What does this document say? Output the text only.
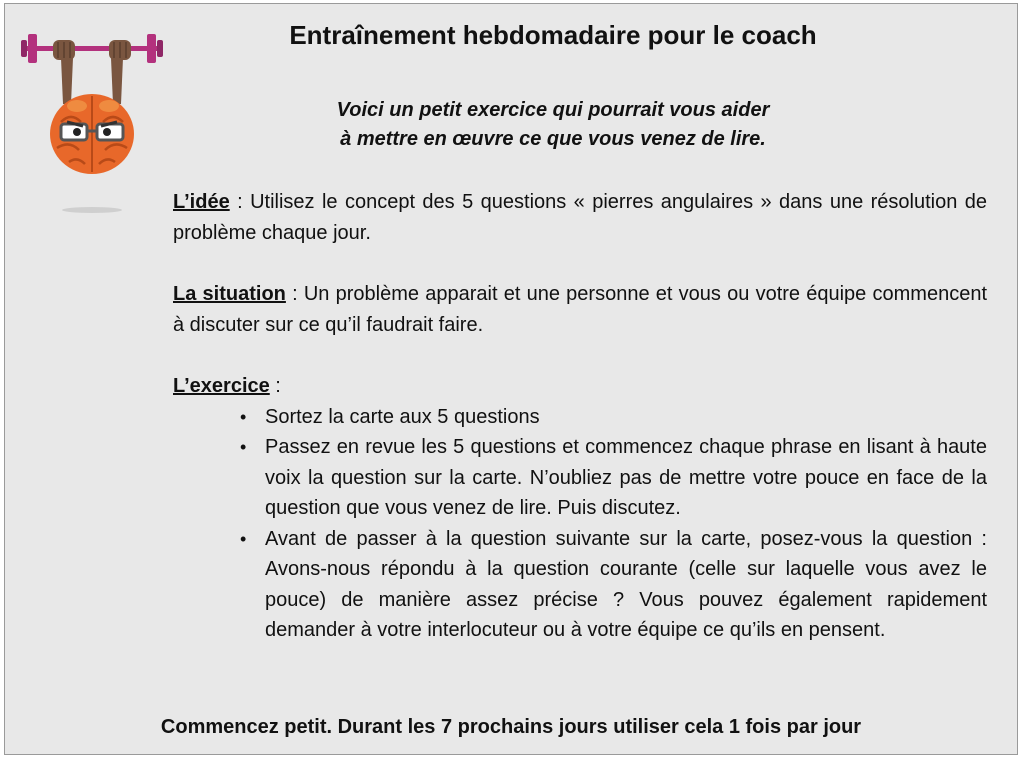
Entraînement hebdomadaire pour le coach
Voici un petit exercice qui pourrait vous aider
à mettre en œuvre ce que vous venez de lire.

L’idée : Utilisez le concept des 5 questions « pierres angulaires » dans une résolution de problème chaque jour.

La situation : Un problème apparait et une personne et vous ou votre équipe commencent à discuter sur ce qu’il faudrait faire.

L’exercice :

• Sortez la carte aux 5 questions
• Passez en revue les 5 questions et commencez chaque phrase en lisant à haute voix la question sur la carte. N’oubliez pas de mettre votre pouce en face de la question que vous venez de lire. Puis discutez.
• Avant de passer à la question suivante sur la carte, posez-vous la question : Avons-nous répondu à la question courante (celle sur laquelle vous avez le pouce) de manière assez précise ? Vous pouvez également rapidement demander à votre interlocuteur ou à votre équipe ce qu’ils en pensent.
Commencez petit. Durant les 7 prochains jours utiliser cela 1 fois par jour
